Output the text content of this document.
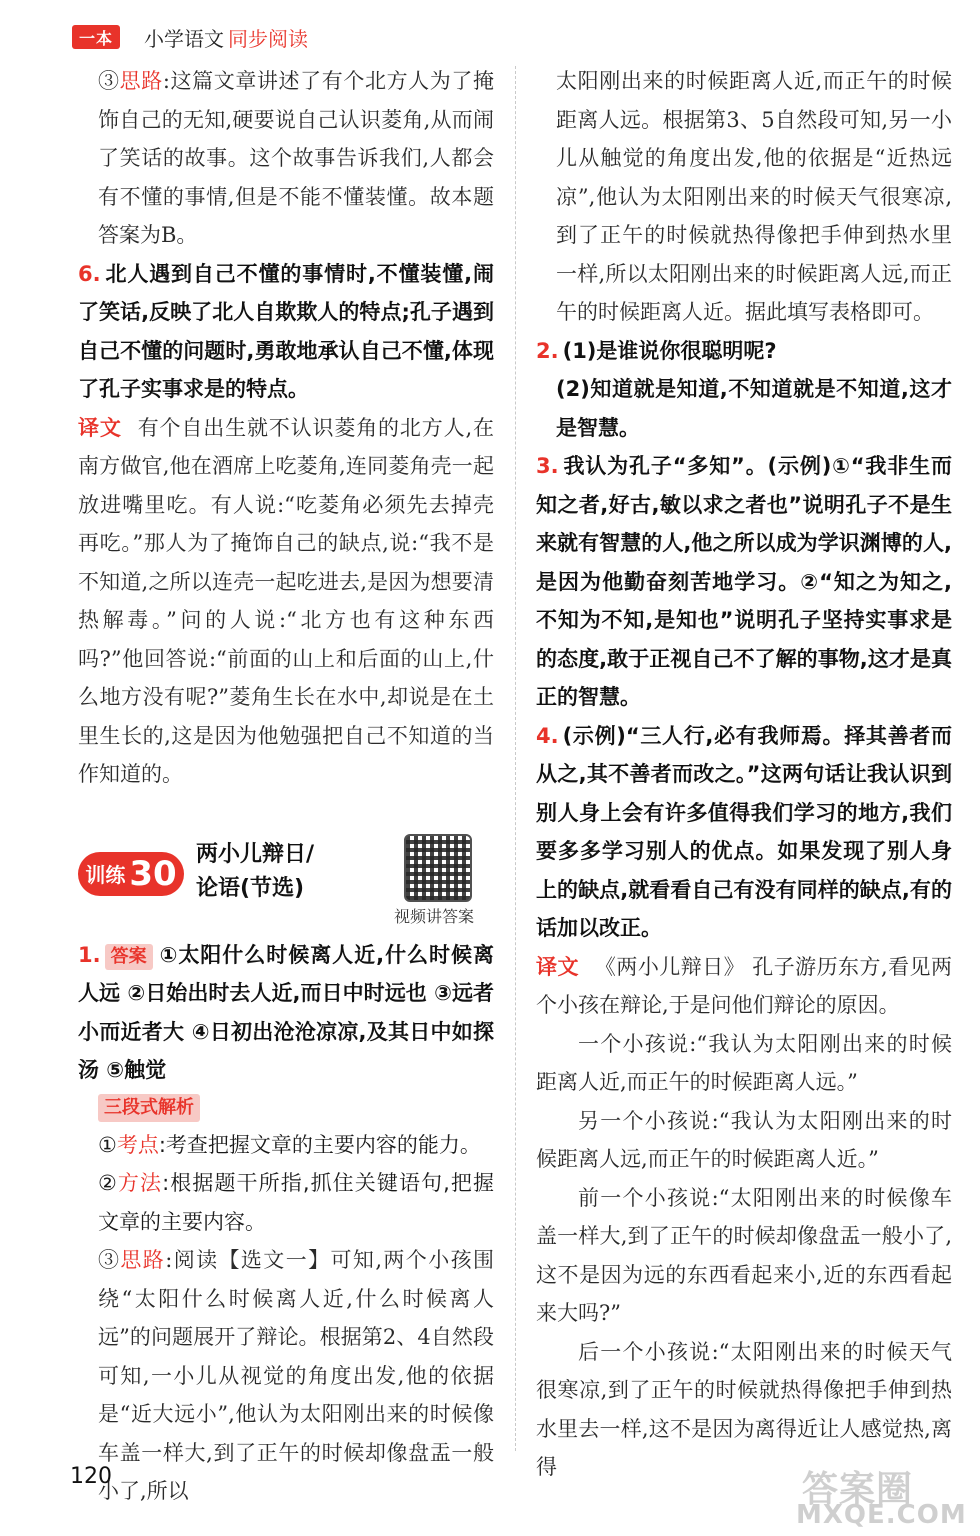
一本	小学语文 同步阅读

③思路:这篇文章讲述了有个北方人为了掩饰自己的无知,硬要说自己认识菱角,从而闹了笑话的故事。这个故事告诉我们,人都会有不懂的事情,但是不能不懂装懂。故本题答案为B。

6. 北人遇到自己不懂的事情时,不懂装懂,闹了笑话,反映了北人自欺欺人的特点;孔子遇到自己不懂的问题时,勇敢地承认自己不懂,体现了孔子实事求是的特点。

译文 有个自出生就不认识菱角的北方人,在南方做官,他在酒席上吃菱角,连同菱角壳一起放进嘴里吃。有人说:“吃菱角必须先去掉壳再吃。”那人为了掩饰自己的缺点,说:“我不是不知道,之所以连壳一起吃进去,是因为想要清热解毒。”问的人说:“北方也有这种东西吗?”他回答说:“前面的山上和后面的山上,什么地方没有呢?”菱角生长在水中,却说是在土里生长的,这是因为他勉强把自己不知道的当作知道的。

训练 30 两小儿辩日/
论语(节选)
视频讲答案

1. 答案 ①太阳什么时候离人近,什么时候离人远 ②日始出时去人近,而日中时远也 ③远者小而近者大 ④日初出沧沧凉凉,及其日中如探汤 ⑤触觉

三段式解析

①考点:考查把握文章的主要内容的能力。

②方法:根据题干所指,抓住关键语句,把握文章的主要内容。

③思路:阅读【选文一】可知,两个小孩围绕“太阳什么时候离人近,什么时候离人远”的问题展开了辩论。根据第2、4自然段可知,一小儿从视觉的角度出发,他的依据是“近大远小”,他认为太阳刚出来的时候像车盖一样大,到了正午的时候却像盘盂一般小了,所以

太阳刚出来的时候距离人近,而正午的时候距离人远。根据第3、5自然段可知,另一小儿从触觉的角度出发,他的依据是“近热远凉”,他认为太阳刚出来的时候天气很寒凉,到了正午的时候就热得像把手伸到热水里一样,所以太阳刚出来的时候距离人远,而正午的时候距离人近。据此填写表格即可。

2. (1)是谁说你很聪明呢?

(2)知道就是知道,不知道就是不知道,这才是智慧。

3. 我认为孔子“多知”。(示例)①“我非生而知之者,好古,敏以求之者也”说明孔子不是生来就有智慧的人,他之所以成为学识渊博的人,是因为他勤奋刻苦地学习。②“知之为知之,不知为不知,是知也”说明孔子坚持实事求是的态度,敢于正视自己不了解的事物,这才是真正的智慧。

4. (示例)“三人行,必有我师焉。择其善者而从之,其不善者而改之。”这两句话让我认识到别人身上会有许多值得我们学习的地方,我们要多多学习别人的优点。如果发现了别人身上的缺点,就看看自己有没有同样的缺点,有的话加以改正。

译文 《两小儿辩日》 孔子游历东方,看见两个小孩在辩论,于是问他们辩论的原因。

一个小孩说:“我认为太阳刚出来的时候距离人近,而正午的时候距离人远。”

另一个小孩说:“我认为太阳刚出来的时候距离人远,而正午的时候距离人近。”

前一个小孩说:“太阳刚出来的时候像车盖一样大,到了正午的时候却像盘盂一般小了,这不是因为远的东西看起来小,近的东西看起来大吗?”

后一个小孩说:“太阳刚出来的时候天气很寒凉,到了正午的时候就热得像把手伸到热水里去一样,这不是因为离得近让人感觉热,离得

120	答案圈
MXQE.COM
